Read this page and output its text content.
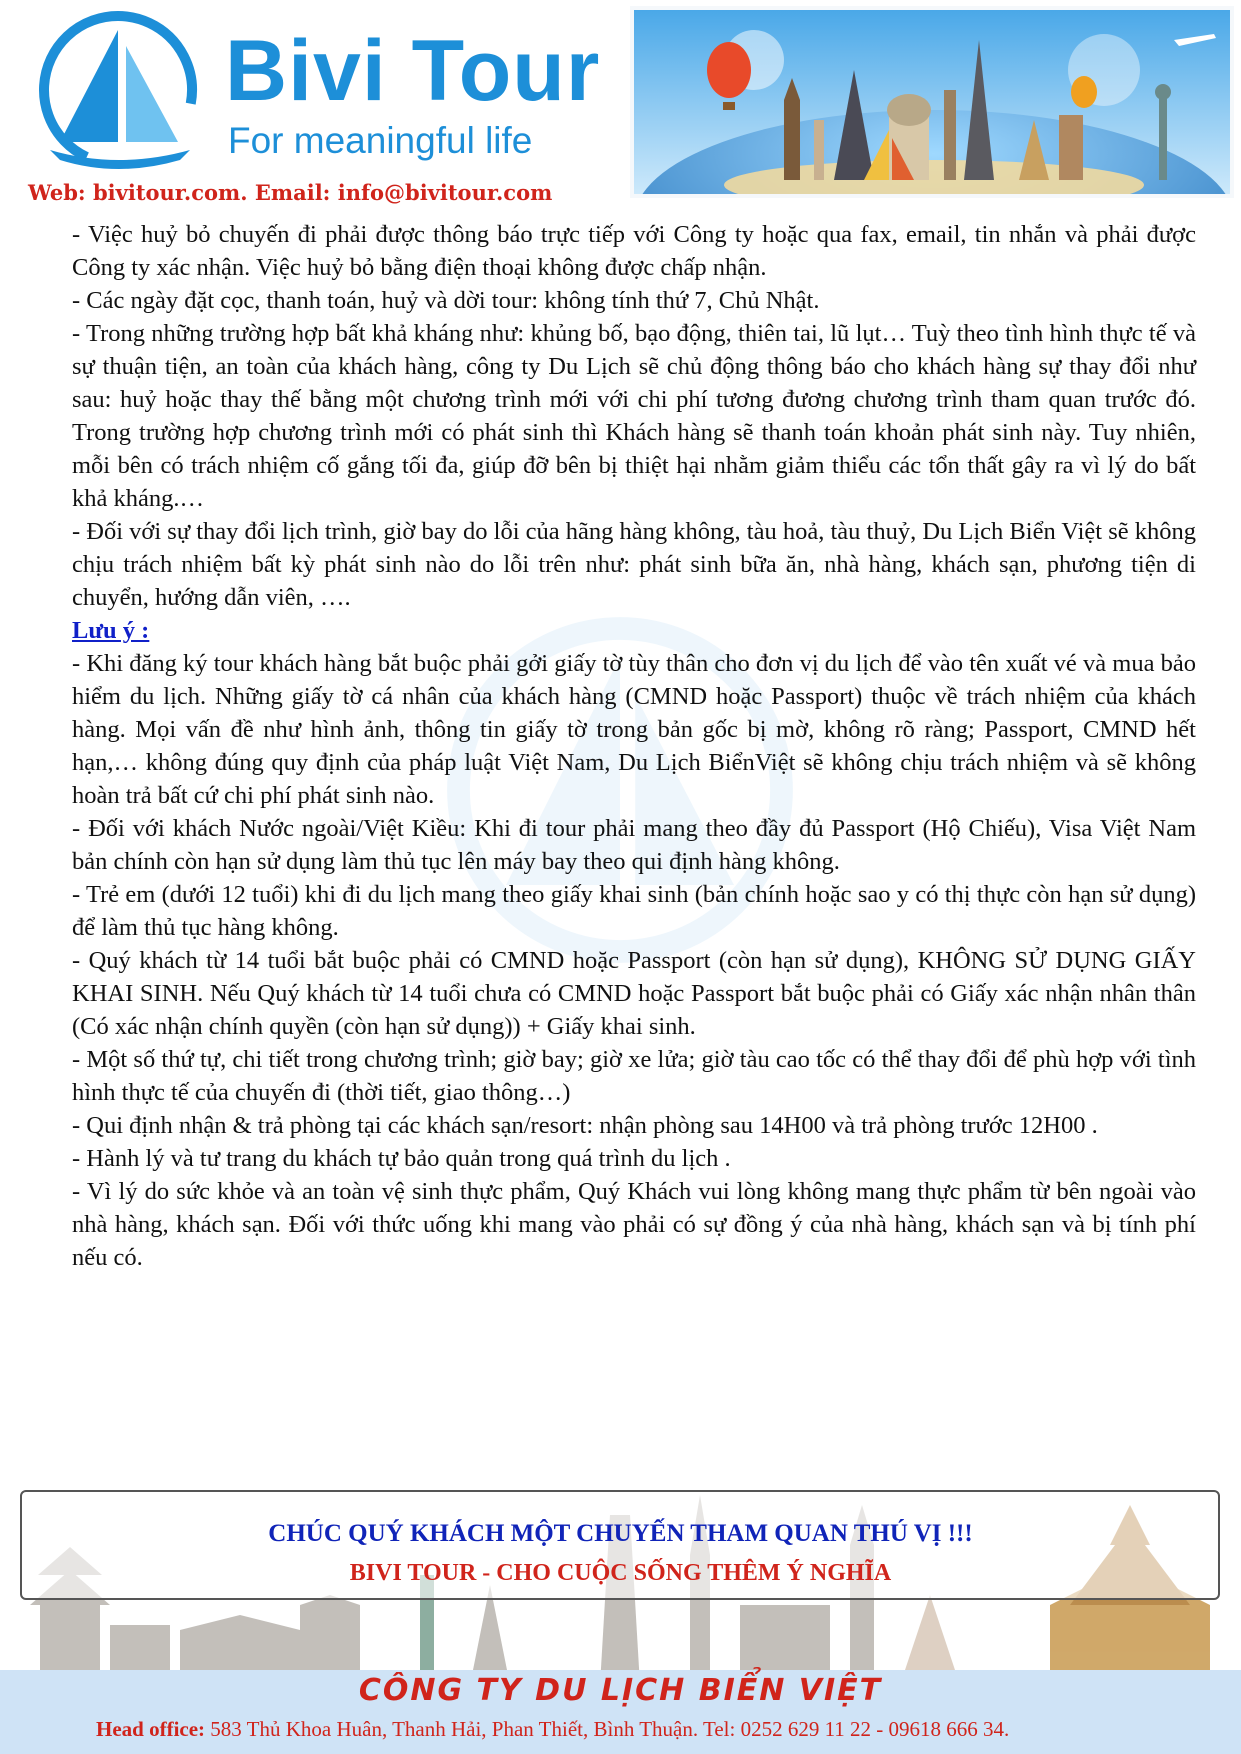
Bivi Tour
For meaningful life
Web: bivitour.com. Email: info@bivitour.com

- Việc huỷ bỏ chuyến đi phải được thông báo trực tiếp với Công ty hoặc qua fax, email, tin nhắn và phải được Công ty xác nhận. Việc huỷ bỏ bằng điện thoại không được chấp nhận.

- Các ngày đặt cọc, thanh toán, huỷ và dời tour: không tính thứ 7, Chủ Nhật.

- Trong những trường hợp bất khả kháng như: khủng bố, bạo động, thiên tai, lũ lụt… Tuỳ theo tình hình thực tế và sự thuận tiện, an toàn của khách hàng, công ty Du Lịch sẽ chủ động thông báo cho khách hàng sự thay đổi như sau: huỷ hoặc thay thế bằng một chương trình mới với chi phí tương đương chương trình tham quan trước đó. Trong trường hợp chương trình mới có phát sinh thì Khách hàng sẽ thanh toán khoản phát sinh này. Tuy nhiên, mỗi bên có trách nhiệm cố gắng tối đa, giúp đỡ bên bị thiệt hại nhằm giảm thiểu các tổn thất gây ra vì lý do bất khả kháng.…

- Đối với sự thay đổi lịch trình, giờ bay do lỗi của hãng hàng không, tàu hoả, tàu thuỷ, Du Lịch Biển Việt sẽ không chịu trách nhiệm bất kỳ phát sinh nào do lỗi trên như: phát sinh bữa ăn, nhà hàng, khách sạn, phương tiện di chuyển, hướng dẫn viên, ….

Lưu ý :

- Khi đăng ký tour khách hàng bắt buộc phải gởi giấy tờ tùy thân cho đơn vị du lịch để vào tên xuất vé và mua bảo hiểm du lịch. Những giấy tờ cá nhân của khách hàng (CMND hoặc Passport) thuộc về trách nhiệm của khách hàng. Mọi vấn đề như hình ảnh, thông tin giấy tờ trong bản gốc bị mờ, không rõ ràng; Passport, CMND hết hạn,… không đúng quy định của pháp luật Việt Nam, Du Lịch BiểnViệt sẽ không chịu trách nhiệm và sẽ không hoàn trả bất cứ chi phí phát sinh nào.

- Đối với khách Nước ngoài/Việt Kiều: Khi đi tour phải mang theo đầy đủ Passport (Hộ Chiếu), Visa Việt Nam bản chính còn hạn sử dụng làm thủ tục lên máy bay theo qui định hàng không.

- Trẻ em (dưới 12 tuổi) khi đi du lịch mang theo giấy khai sinh (bản chính hoặc sao y có thị thực còn hạn sử dụng) để làm thủ tục hàng không.

- Quý khách từ 14 tuổi bắt buộc phải có CMND hoặc Passport (còn hạn sử dụng), KHÔNG SỬ DỤNG GIẤY KHAI SINH. Nếu Quý khách từ 14 tuổi chưa có CMND hoặc Passport bắt buộc phải có Giấy xác nhận nhân thân (Có xác nhận chính quyền (còn hạn sử dụng)) + Giấy khai sinh.

- Một số thứ tự, chi tiết trong chương trình; giờ bay; giờ xe lửa; giờ tàu cao tốc có thể thay đổi để phù hợp với tình hình thực tế của chuyến đi (thời tiết, giao thông…)

- Qui định nhận & trả phòng tại các khách sạn/resort: nhận phòng sau 14H00 và trả phòng trước 12H00 .

- Hành lý và tư trang du khách tự bảo quản trong quá trình du lịch .

- Vì lý do sức khỏe và an toàn vệ sinh thực phẩm, Quý Khách vui lòng không mang thực phẩm từ bên ngoài vào nhà hàng, khách sạn. Đối với thức uống khi mang vào phải có sự đồng ý của nhà hàng, khách sạn và bị tính phí nếu có.

CHÚC QUÝ KHÁCH MỘT CHUYẾN THAM QUAN THÚ VỊ !!!
BIVI TOUR - CHO CUỘC SỐNG THÊM Ý NGHĨA
CÔNG TY DU LỊCH BIỂN VIỆT
Head office: 583 Thủ Khoa Huân, Thanh Hải, Phan Thiết, Bình Thuận. Tel: 0252 629 11 22 - 09618 666 34.
